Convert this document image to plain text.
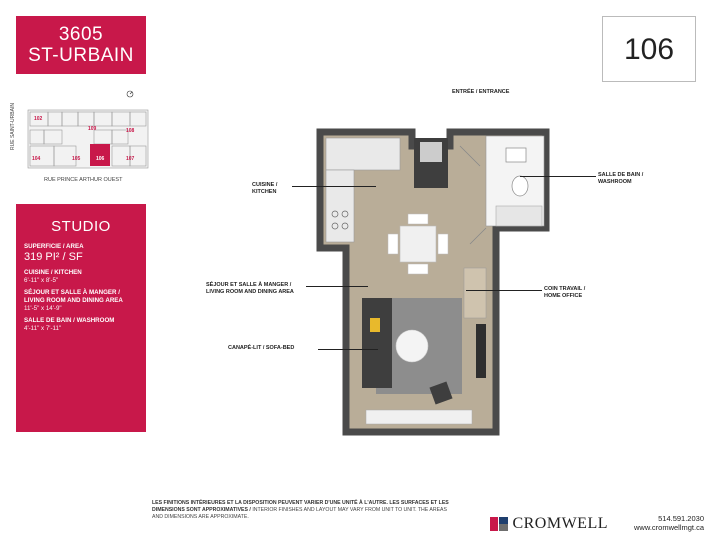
3605
ST-URBAIN	106
RUE SAINT-URBAIN	102
109	108
104	105	106	107
RUE PRINCE ARTHUR OUEST
STUDIO
SUPERFICIE / AREA
319 PI² / SF
CUISINE / KITCHEN
6'-11" x 8'-5"
SÉJOUR ET SALLE À MANGER / LIVING ROOM AND DINING AREA
11'-5" x 14'-9"
SALLE DE BAIN / WASHROOM
4'-11" x 7'-11"
ENTRÉE / ENTRANCE
CUISINE / KITCHEN
SÉJOUR ET SALLE À MANGER / LIVING ROOM AND DINING AREA
CANAPÉ-LIT / SOFA-BED
SALLE DE BAIN / WASHROOM
COIN TRAVAIL / HOME OFFICE
LES FINITIONS INTÉRIEURES ET LA DISPOSITION PEUVENT VARIER D'UNE UNITÉ À L'AUTRE. LES SURFACES ET LES DIMENSIONS SONT APPROXIMATIVES / INTERIOR FINISHES AND LAYOUT MAY VARY FROM UNIT TO UNIT. THE AREAS AND DIMENSIONS ARE APPROXIMATE.	CROMWELL	514.591.2030
www.cromwellmgt.ca
